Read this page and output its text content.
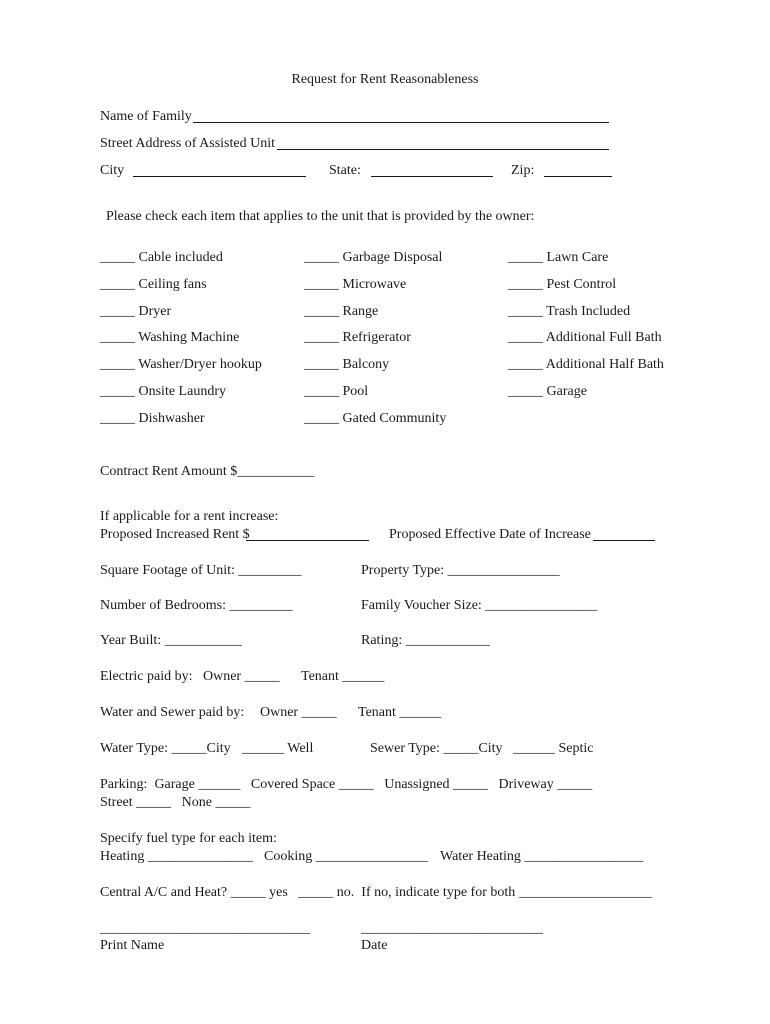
Request for Rent Reasonableness
Name of Family
Street Address of Assisted Unit
City	State:	Zip:
Please check each item that applies to the unit that is provided by the owner:
_____ Cable included
_____ Ceiling fans
_____ Dryer
_____ Washing Machine
_____ Washer/Dryer hookup
_____ Onsite Laundry
_____ Dishwasher
_____ Garbage Disposal
_____ Microwave
_____ Range
_____ Refrigerator
_____ Balcony
_____ Pool
_____ Gated Community
_____ Lawn Care
_____ Pest Control
_____ Trash Included
_____ Additional Full Bath
_____ Additional Half Bath
_____ Garage
Contract Rent Amount $___________
If applicable for a rent increase:
Proposed Increased Rent $	Proposed Effective Date of Increase
Square Footage of Unit: _________	Property Type: ________________
Number of Bedrooms: _________	Family Voucher Size: ________________
Year Built: ___________	Rating: ____________
Electric paid by: Owner _____ Tenant ______
Water and Sewer paid by: Owner _____ Tenant ______
Water Type: _____City ______ Well	Sewer Type: _____City ______ Septic
Parking:  Garage ______   Covered Space _____   Unassigned _____   Driveway _____
Street _____   None _____
Specify fuel type for each item:
Heating _______________ Cooking ________________ Water Heating _________________
Central A/C and Heat? _____ yes   _____ no.  If no, indicate type for both ___________________
______________________________	__________________________
Print Name	Date
